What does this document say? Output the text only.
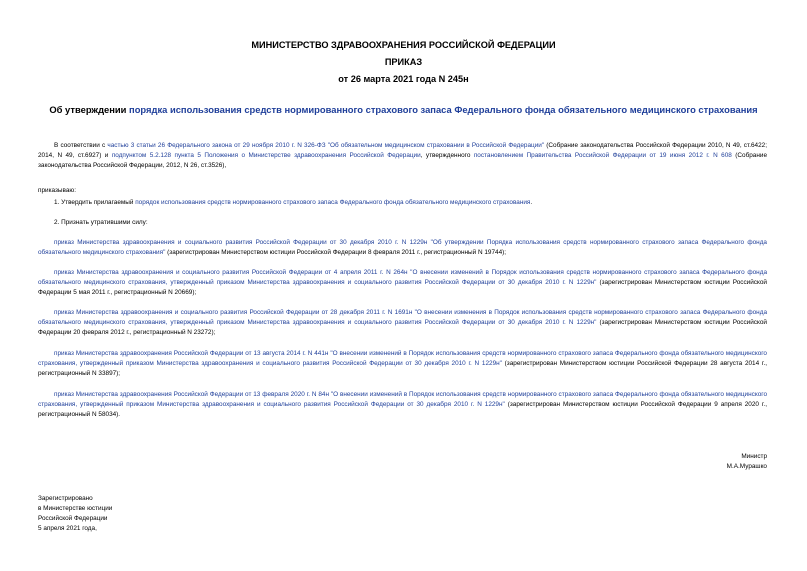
МИНИСТЕРСТВО ЗДРАВООХРАНЕНИЯ РОССИЙСКОЙ ФЕДЕРАЦИИ
ПРИКАЗ
от 26 марта 2021 года N 245н
Об утверждении порядка использования средств нормированного страхового запаса Федерального фонда обязательного медицинского страхования

В соответствии с частью 3 статьи 26 Федерального закона от 29 ноября 2010 г. N 326-ФЗ "Об обязательном медицинском страховании в Российской Федерации" (Собрание законодательства Российской Федерации 2010, N 49, ст.6422; 2014, N 49, ст.6927) и подпунктом 5.2.128 пункта 5 Положения о Министерстве здравоохранения Российской Федерации, утвержденного постановлением Правительства Российской Федерации от 19 июня 2012 г. N 608 (Собрание законодательства Российской Федерации, 2012, N 26, ст.3526),

приказываю:

1. Утвердить прилагаемый порядок использования средств нормированного страхового запаса Федерального фонда обязательного медицинского страхования.

2. Признать утратившими силу:

приказ Министерства здравоохранения и социального развития Российской Федерации от 30 декабря 2010 г. N 1229н "Об утверждении Порядка использования средств нормированного страхового запаса Федерального фонда обязательного медицинского страхования" (зарегистрирован Министерством юстиции Российской Федерации 8 февраля 2011 г., регистрационный N 19744);

приказ Министерства здравоохранения и социального развития Российской Федерации от 4 апреля 2011 г. N 264н "О внесении изменений в Порядок использования средств нормированного страхового запаса Федерального фонда обязательного медицинского страхования, утвержденный приказом Министерства здравоохранения и социального развития Российской Федерации от 30 декабря 2010 г. N 1229н" (зарегистрирован Министерством юстиции Российской Федерации 5 мая 2011 г., регистрационный N 20669);

приказ Министерства здравоохранения и социального развития Российской Федерации от 28 декабря 2011 г. N 1691н "О внесении изменения в Порядок использования средств нормированного страхового запаса Федерального фонда обязательного медицинского страхования, утвержденный приказом Министерства здравоохранения и социального развития Российской Федерации от 30 декабря 2010 г. N 1229н" (зарегистрирован Министерством юстиции Российской Федерации 20 февраля 2012 г., регистрационный N 23272);

приказ Министерства здравоохранения Российской Федерации от 13 августа 2014 г. N 441н "О внесении изменений в Порядок использования средств нормированного страхового запаса Федерального фонда обязательного медицинского страхования, утвержденный приказом Министерства здравоохранения и социального развития Российской Федерации от 30 декабря 2010 г. N 1229н" (зарегистрирован Министерством юстиции Российской Федерации 28 августа 2014 г., регистрационный N 33897);

приказ Министерства здравоохранения Российской Федерации от 13 февраля 2020 г. N 84н "О внесении изменений в Порядок использования средств нормированного страхового запаса Федерального фонда обязательного медицинского страхования, утвержденный приказом Министерства здравоохранения и социального развития Российской Федерации от 30 декабря 2010 г. N 1229н" (зарегистрирован Министерством юстиции Российской Федерации 9 апреля 2020 г., регистрационный N 58034).

Министр
М.А.Мурашко
Зарегистрировано
в Министерстве юстиции
Российской Федерации
5 апреля 2021 года,
